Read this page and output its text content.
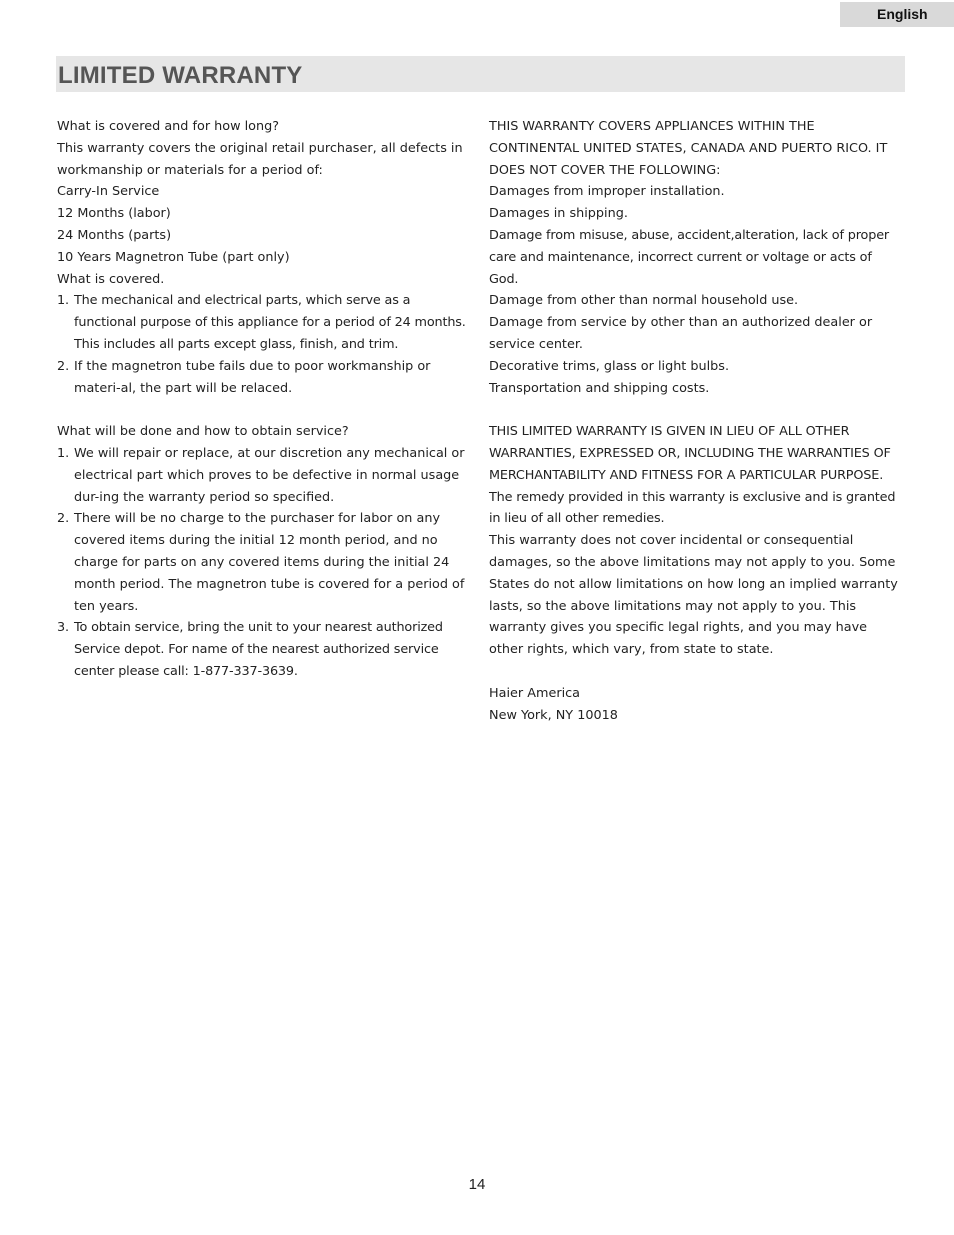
English
LIMITED WARRANTY

What is covered and for how long?

This warranty covers the original retail purchaser, all defects in workmanship or materials for a period of:

Carry-In Service

12 Months (labor)

24 Months (parts)

10 Years Magnetron Tube (part only)

What is covered.

1. The mechanical and electrical parts, which serve as a functional purpose of this appliance for a period of 24 months. This includes all parts except glass, finish, and trim.
2. If the magnetron tube fails due to poor workmanship or materi-al, the part will be relaced.

What will be done and how to obtain service?

1. We will repair or replace, at our discretion any mechanical or electrical part which proves to be defective in normal usage dur-ing the warranty period so specified.
2. There will be no charge to the purchaser for labor on any covered items during the initial 12 month period, and no charge for parts on any covered items during the initial 24 month period. The magnetron tube is covered for a period of ten years.
3. To obtain service, bring the unit to your nearest authorized Service depot. For name of the nearest authorized service center please call: 1-877-337-3639.

THIS WARRANTY COVERS APPLIANCES WITHIN THE CONTINENTAL UNITED STATES, CANADA AND PUERTO RICO. IT DOES NOT COVER THE FOLLOWING:

Damages from improper installation.

Damages in shipping.

Damage from misuse, abuse, accident,alteration, lack of proper care and maintenance, incorrect current or voltage or acts of God.

Damage from other than normal household use.

Damage from service by other than an authorized dealer or service center.

Decorative trims, glass or light bulbs.

Transportation and shipping costs.

THIS LIMITED WARRANTY IS GIVEN IN LIEU OF ALL OTHER WARRANTIES, EXPRESSED OR, INCLUDING THE WARRANTIES OF MERCHANTABILITY AND FITNESS FOR A PARTICULAR PURPOSE.

The remedy provided in this warranty is exclusive and is granted in lieu of all other remedies.

This warranty does not cover incidental or consequential damages, so the above limitations may not apply to you. Some States do not allow limitations on how long an implied warranty lasts, so the above limitations may not apply to you. This warranty gives you specific legal rights, and you may have other rights, which vary, from state to state.

Haier America

New York, NY 10018

14
